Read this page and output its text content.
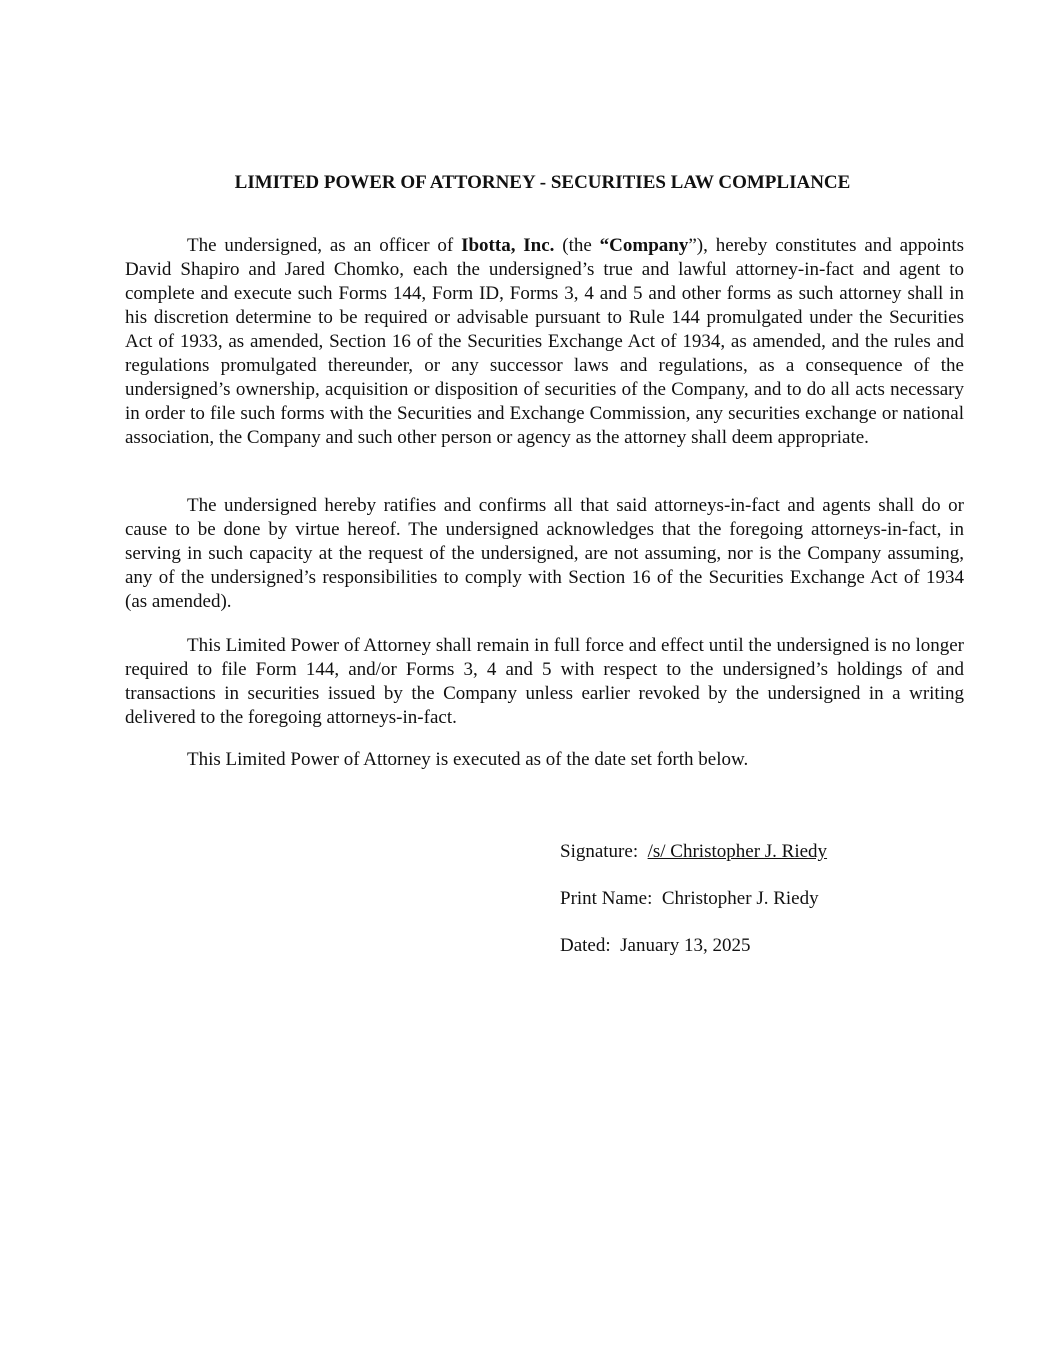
LIMITED POWER OF ATTORNEY - SECURITIES LAW COMPLIANCE

The undersigned, as an officer of Ibotta, Inc. (the “Company”), hereby constitutes and appoints David Shapiro and Jared Chomko, each the undersigned’s true and lawful attorney-in-fact and agent to complete and execute such Forms 144, Form ID, Forms 3, 4 and 5 and other forms as such attorney shall in his discretion determine to be required or advisable pursuant to Rule 144 promulgated under the Securities Act of 1933, as amended, Section 16 of the Securities Exchange Act of 1934, as amended, and the rules and regulations promulgated thereunder, or any successor laws and regulations, as a consequence of the undersigned’s ownership, acquisition or disposition of securities of the Company, and to do all acts necessary in order to file such forms with the Securities and Exchange Commission, any securities exchange or national association, the Company and such other person or agency as the attorney shall deem appropriate.

The undersigned hereby ratifies and confirms all that said attorneys-in-fact and agents shall do or cause to be done by virtue hereof. The undersigned acknowledges that the foregoing attorneys-in-fact, in serving in such capacity at the request of the undersigned, are not assuming, nor is the Company assuming, any of the undersigned’s responsibilities to comply with Section 16 of the Securities Exchange Act of 1934 (as amended).

This Limited Power of Attorney shall remain in full force and effect until the undersigned is no longer required to file Form 144, and/or Forms 3, 4 and 5 with respect to the undersigned’s holdings of and transactions in securities issued by the Company unless earlier revoked by the undersigned in a writing delivered to the foregoing attorneys-in-fact.

This Limited Power of Attorney is executed as of the date set forth below.

Signature: /s/ Christopher J. Riedy

Print Name: Christopher J. Riedy

Dated: January 13, 2025
